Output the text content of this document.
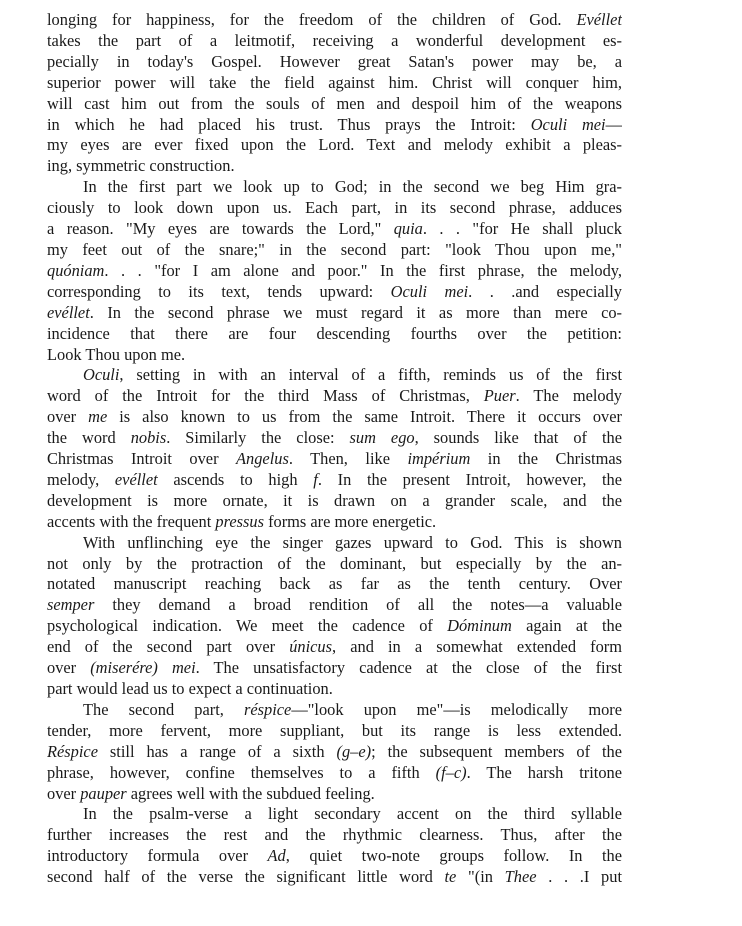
longing for happiness, for the freedom of the children of God. Evéllet
takes the part of a leitmotif, receiving a wonderful development es-
pecially in today's Gospel. However great Satan's power may be, a
superior power will take the field against him. Christ will conquer him,
will cast him out from the souls of men and despoil him of the weapons
in which he had placed his trust. Thus prays the Introit: Oculi mei—
my eyes are ever fixed upon the Lord. Text and melody exhibit a pleas-
ing, symmetric construction.
In the first part we look up to God; in the second we beg Him gra-
ciously to look down upon us. Each part, in its second phrase, adduces
a reason. "My eyes are towards the Lord," quia. . . "for He shall pluck
my feet out of the snare;" in the second part: "look Thou upon me,"
quóniam. . . "for I am alone and poor." In the first phrase, the melody,
corresponding to its text, tends upward: Oculi mei. . .and especially
evéllet. In the second phrase we must regard it as more than mere co-
incidence that there are four descending fourths over the petition:
Look Thou upon me.
Oculi, setting in with an interval of a fifth, reminds us of the first
word of the Introit for the third Mass of Christmas, Puer. The melody
over me is also known to us from the same Introit. There it occurs over
the word nobis. Similarly the close: sum ego, sounds like that of the
Christmas Introit over Angelus. Then, like impérium in the Christmas
melody, evéllet ascends to high f. In the present Introit, however, the
development is more ornate, it is drawn on a grander scale, and the
accents with the frequent pressus forms are more energetic.
With unflinching eye the singer gazes upward to God. This is shown
not only by the protraction of the dominant, but especially by the an-
notated manuscript reaching back as far as the tenth century. Over
semper they demand a broad rendition of all the notes—a valuable
psychological indication. We meet the cadence of Dóminum again at the
end of the second part over únicus, and in a somewhat extended form
over (miserére) mei. The unsatisfactory cadence at the close of the first
part would lead us to expect a continuation.
The second part, réspice—"look upon me"—is melodically more
tender, more fervent, more suppliant, but its range is less extended.
Réspice still has a range of a sixth (g–e); the subsequent members of the
phrase, however, confine themselves to a fifth (f–c). The harsh tritone
over pauper agrees well with the subdued feeling.
In the psalm-verse a light secondary accent on the third syllable
further increases the rest and the rhythmic clearness. Thus, after the
introductory formula over Ad, quiet two-note groups follow. In the
second half of the verse the significant little word te "(in Thee . . .I put
